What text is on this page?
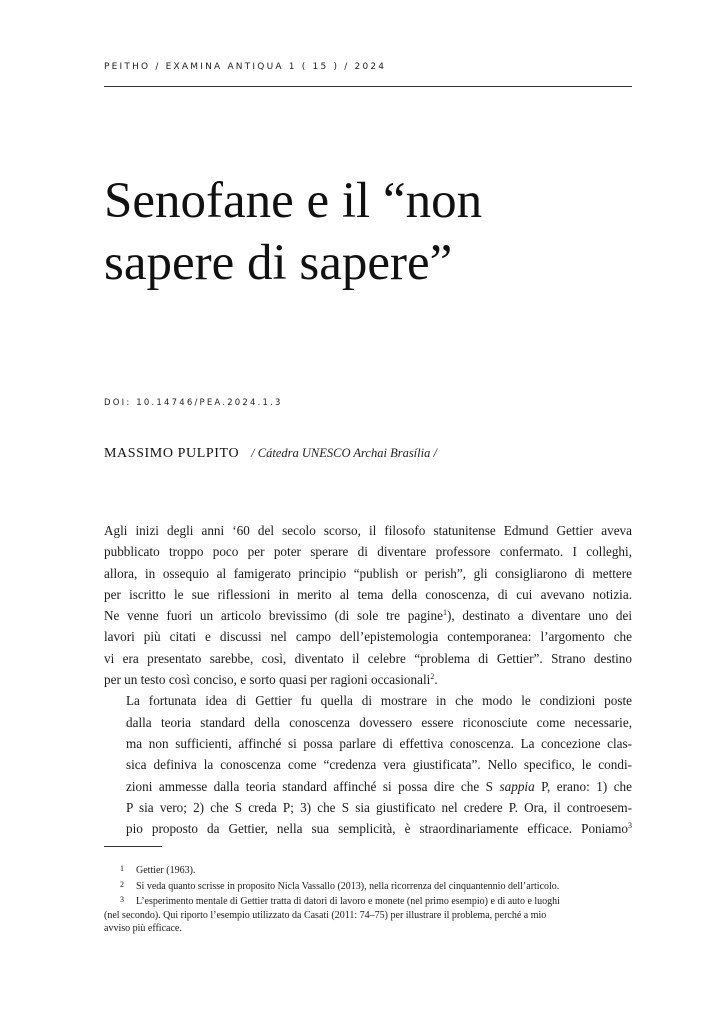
PEITHO / EXAMINA ANTIQUA 1 ( 15 ) / 2024
Senofane e il “non
sapere di sapere”
DOI: 10.14746/PEA.2024.1.3
MASSIMO PULPITO / Cátedra UNESCO Archai Brasília /

Agli inizi degli anni ‘60 del secolo scorso, il filosofo statunitense Edmund Gettier aveva
pubblicato troppo poco per poter sperare di diventare professore confermato. I colleghi,
allora, in ossequio al famigerato principio “publish or perish”, gli consigliarono di mettere
per iscritto le sue riflessioni in merito al tema della conoscenza, di cui avevano notizia.
Ne venne fuori un articolo brevissimo (di sole tre pagine$^1$), destinato a diventare uno dei
lavori più citati e discussi nel campo dell’epistemologia contemporanea: l’argomento che
vi era presentato sarebbe, così, diventato il celebre “problema di Gettier”. Strano destino
per un testo così conciso, e sorto quasi per ragioni occasionali$^2$.

La fortunata idea di Gettier fu quella di mostrare in che modo le condizioni poste
dalla teoria standard della conoscenza dovessero essere riconosciute come necessarie,
ma non sufficienti, affinché si possa parlare di effettiva conoscenza. La concezione clas-
sica definiva la conoscenza come “credenza vera giustificata”. Nello specifico, le condi-
zioni ammesse dalla teoria standard affinché si possa dire che S sappia P, erano: 1) che
P sia vero; 2) che S creda P; 3) che S sia giustificato nel credere P. Ora, il controesem-
pio proposto da Gettier, nella sua semplicità, è straordinariamente efficace. Poniamo$^3$

1 Gettier (1963).
2 Si veda quanto scrisse in proposito Nicla Vassallo (2013), nella ricorrenza del cinquantennio dell’articolo.
3 L’esperimento mentale di Gettier tratta di datori di lavoro e monete (nel primo esempio) e di auto e luoghi
(nel secondo). Qui riporto l’esempio utilizzato da Casati (2011: 74–75) per illustrare il problema, perché a mio
avviso più efficace.
